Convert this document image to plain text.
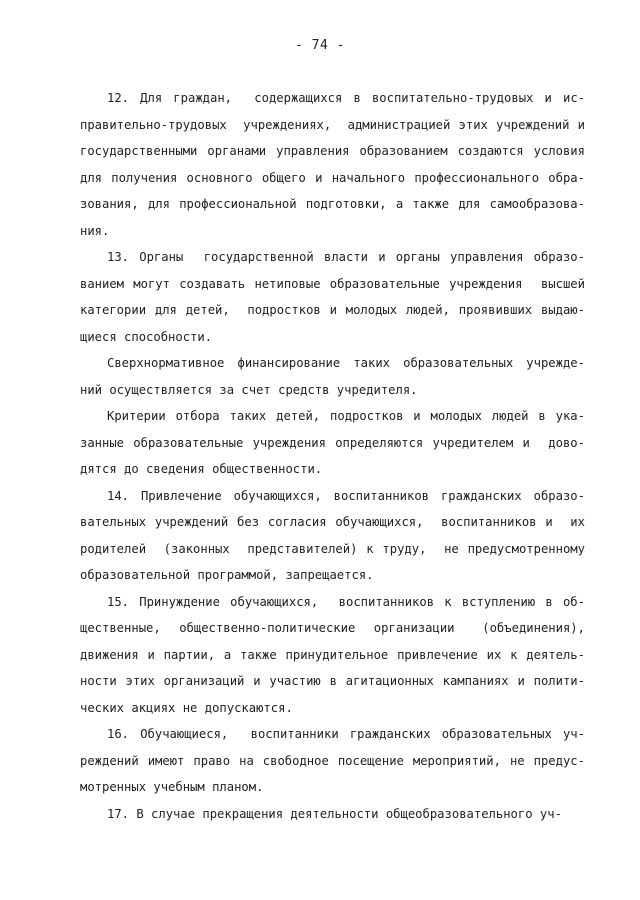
- 74 -
12. Для граждан,  содержащихся в воспитательно-трудовых и ис-
правительно-трудовых  учреждениях,  администрацией этих учреждений и
государственными органами управления образованием создаются условия
для получения основного общего и начального профессионального обра-
зования, для профессиональной подготовки, а также для самообразова-
ния.
13. Органы  государственной власти и органы управления образо-
ванием могут создавать нетиповые образовательные учреждения  высшей
категории для детей,  подростков и молодых людей, проявивших выдаю-
щиеся способности.
Сверхнормативное финансирование таких образовательных учрежде-
ний осуществляется за счет средств учредителя.
Критерии отбора таких детей, подростков и молодых людей в ука-
занные образовательные учреждения определяются учредителем и  дово-
дятся до сведения общественности.
14. Привлечение обучающихся, воспитанников гражданских образо-
вательных учреждений без согласия обучающихся,  воспитанников и  их
родителей  (законных  представителей) к труду,  не предусмотренному
образовательной программой, запрещается.
15. Принуждение обучающихся,  воспитанников к вступлению в об-
щественные,  общественно-политические  организации   (объединения),
движения и партии, а также принудительное привлечение их к деятель-
ности этих организаций и участию в агитационных кампаниях и полити-
ческих акциях не допускаются.
16. Обучающиеся,  воспитанники гражданских образовательных уч-
реждений имеют право на свободное посещение мероприятий, не предус-
мотренных учебным планом.
17. В случае прекращения деятельности общеобразовательного уч-
